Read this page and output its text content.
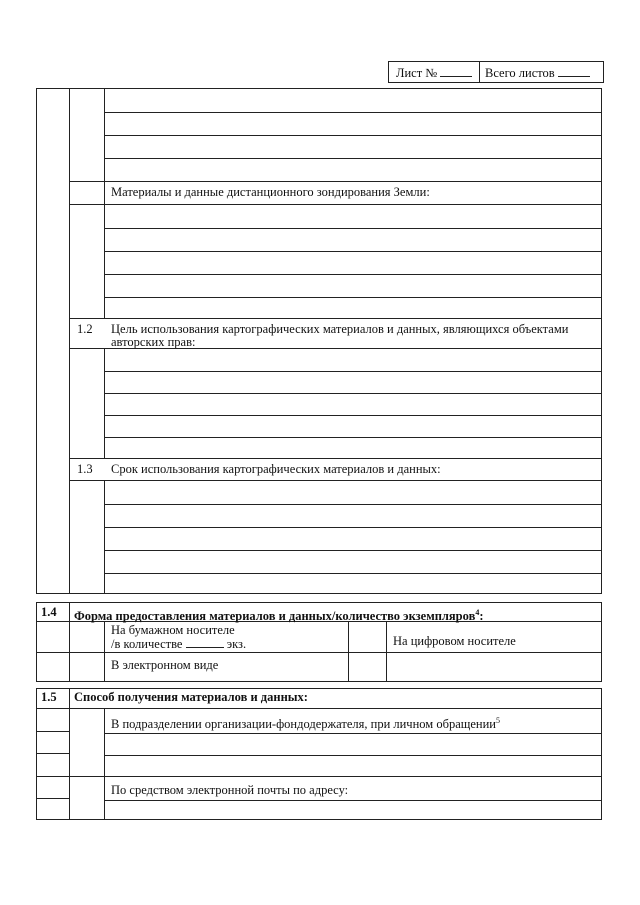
Лист №	Всего листов
Материалы и данные дистанционного зондирования Земли:
1.2 Цель использования картографических материалов и данных, являющихся объектами
авторских прав:
1.3 Срок использования картографических материалов и данных:
1.4 Форма предоставления материалов и данных/количество экземпляров$^4$:
На бумажном носителе
/в количестве	экз.	На цифровом носителе
В электронном виде
1.5 Способ получения материалов и данных:
В подразделении организации-фондодержателя, при личном обращении$^5$
По средством электронной почты по адресу:
